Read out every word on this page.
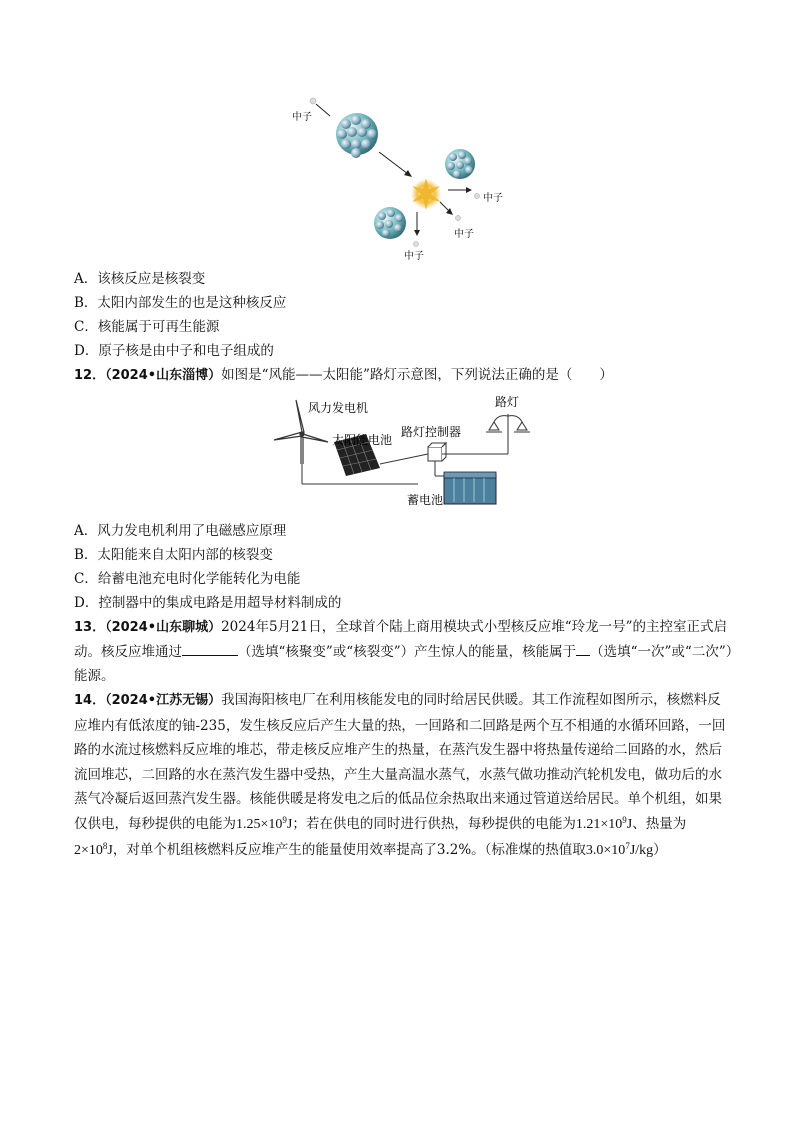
中子
中子
中子
中子
A．该核反应是核裂变
B．太阳内部发生的也是这种核反应
C．核能属于可再生能源
D．原子核是由中子和电子组成的
12．（2024•山东淄博）如图是“风能——太阳能”路灯示意图，下列说法正确的是（　　）
风力发电机
太阳能电池
路灯控制器
路灯
蓄电池
A．风力发电机利用了电磁感应原理
B．太阳能来自太阳内部的核裂变
C．给蓄电池充电时化学能转化为电能
D．控制器中的集成电路是用超导材料制成的
13．（2024•山东聊城）2024年5月21日，全球首个陆上商用模块式小型核反应堆“玲龙一号”的主控室正式启动。核反应堆通过	（选填“核聚变”或“核裂变”）产生惊人的能量，核能属于 （选填“一次”或“二次”）能源。
14．（2024•江苏无锡）我国海阳核电厂在利用核能发电的同时给居民供暖。其工作流程如图所示，核燃料反应堆内有低浓度的铀-235，发生核反应后产生大量的热，一回路和二回路是两个互不相通的水循环回路，一回路的水流过核燃料反应堆的堆芯，带走核反应堆产生的热量，在蒸汽发生器中将热量传递给二回路的水，然后流回堆芯，二回路的水在蒸汽发生器中受热，产生大量高温水蒸气，水蒸气做功推动汽轮机发电，做功后的水蒸气冷凝后返回蒸汽发生器。核能供暖是将发电之后的低品位余热取出来通过管道送给居民。单个机组，如果仅供电，每秒提供的电能为$1.25\times 10^9J$；若在供电的同时进行供热，每秒提供的电能为$1.21\times 10^9J$、热量为$2\times 10^8J$，对单个机组核燃料反应堆产生的能量使用效率提高了3.2%。（标准煤的热值取$3.0\times 10^7J/kg$）
